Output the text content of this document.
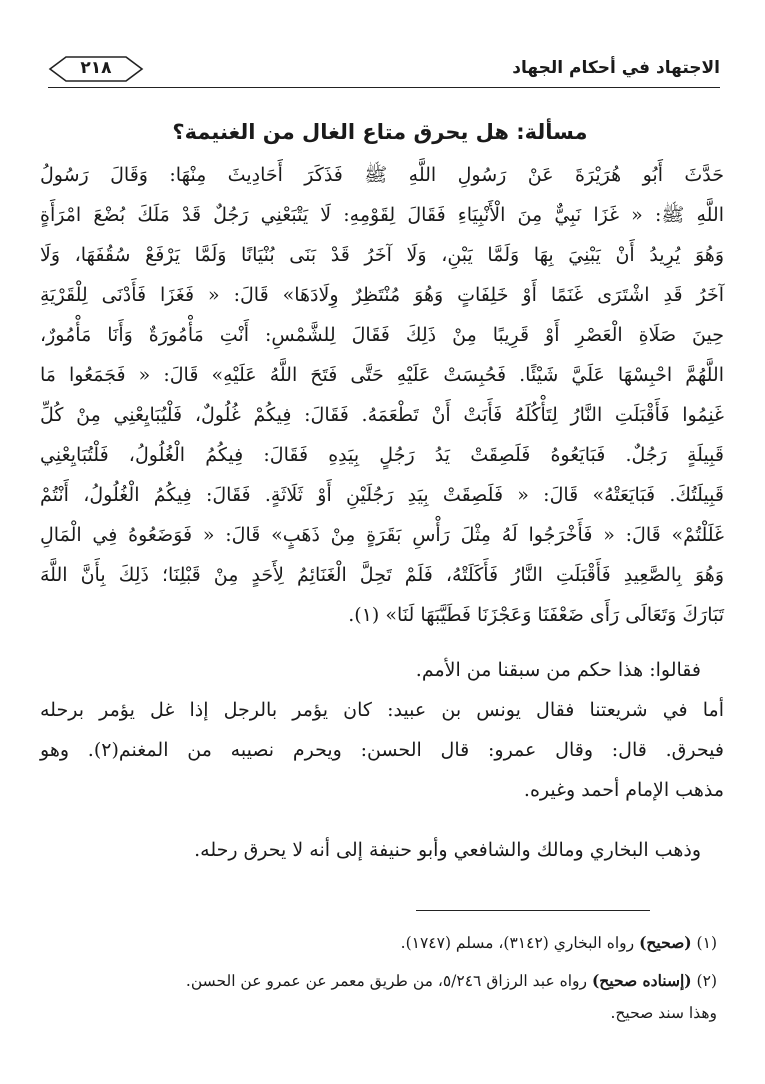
الاجتهاد في أحكام الجهاد
٢١٨
مسألة: هل يحرق متاع الغال من الغنيمة؟
حَدَّثَ أَبُو هُرَيْرَةَ عَنْ رَسُولِ اللَّهِ ﷺ فَذَكَرَ أَحَادِيثَ مِنْهَا: وَقَالَ رَسُولُ
اللَّهِ ﷺ: « غَزَا نَبِيٌّ مِنَ الْأَنْبِيَاءِ فَقَالَ لِقَوْمِهِ: لَا يَتْبَعْنِي رَجُلٌ قَدْ مَلَكَ بُضْعَ امْرَأَةٍ
وَهُوَ يُرِيدُ أَنْ يَبْنِيَ بِهَا وَلَمَّا يَبْنِ، وَلَا آخَرُ قَدْ بَنَى بُنْيَانًا وَلَمَّا يَرْفَعْ سُقُفَهَا، وَلَا
آخَرُ قَدِ اشْتَرَى غَنَمًا أَوْ خَلِفَاتٍ وَهُوَ مُنْتَظِرٌ وِلَادَهَا» قَالَ: « فَغَزَا فَأَدْنَى لِلْقَرْيَةِ
حِينَ صَلَاةِ الْعَصْرِ أَوْ قَرِيبًا مِنْ ذَلِكَ فَقَالَ لِلشَّمْسِ: أَنْتِ مَأْمُورَةٌ وَأَنَا مَأْمُورٌ،
اللَّهُمَّ احْبِسْهَا عَلَيَّ شَيْئًا. فَحُبِسَتْ عَلَيْهِ حَتَّى فَتَحَ اللَّهُ عَلَيْهِ» قَالَ: « فَجَمَعُوا مَا
غَنِمُوا فَأَقْبَلَتِ النَّارُ لِتَأْكُلَهُ فَأَبَتْ أَنْ تَطْعَمَهُ. فَقَالَ: فِيكُمْ غُلُولٌ، فَلْيُبَايِعْنِي مِنْ كُلِّ
قَبِيلَةٍ رَجُلٌ. فَبَايَعُوهُ فَلَصِقَتْ يَدُ رَجُلٍ بِيَدِهِ فَقَالَ: فِيكُمُ الْغُلُولُ، فَلْتُبَايِعْنِي
قَبِيلَتُكَ. فَبَايَعَتْهُ» قَالَ: « فَلَصِقَتْ بِيَدِ رَجُلَيْنِ أَوْ ثَلَاثَةٍ. فَقَالَ: فِيكُمُ الْغُلُولُ، أَنْتُمْ
غَلَلْتُمْ» قَالَ: « فَأَخْرَجُوا لَهُ مِثْلَ رَأْسِ بَقَرَةٍ مِنْ ذَهَبٍ» قَالَ: « فَوَضَعُوهُ فِي الْمَالِ
وَهُوَ بِالصَّعِيدِ فَأَقْبَلَتِ النَّارُ فَأَكَلَتْهُ، فَلَمْ تَحِلَّ الْغَنَائِمُ لِأَحَدٍ مِنْ قَبْلِنَا؛ ذَلِكَ بِأَنَّ اللَّهَ
تَبَارَكَ وَتَعَالَى رَأَى ضَعْفَنَا وَعَجْزَنَا فَطَيَّبَهَا لَنَا» (١).
فقالوا: هذا حكم من سبقنا من الأمم.
أما في شريعتنا فقال يونس بن عبيد: كان يؤمر بالرجل إذا غل يؤمر برحله
فيحرق. قال: وقال عمرو: قال الحسن: ويحرم نصيبه من المغنم(٢). وهو
مذهب الإمام أحمد وغيره.
وذهب البخاري ومالك والشافعي وأبو حنيفة إلى أنه لا يحرق رحله.
(١) (صحيح) رواه البخاري (٣١٤٢)، مسلم (١٧٤٧).
(٢) (إسناده صحيح) رواه عبد الرزاق ٥/٢٤٦، من طريق معمر عن عمرو عن الحسن.
وهذا سند صحيح.
